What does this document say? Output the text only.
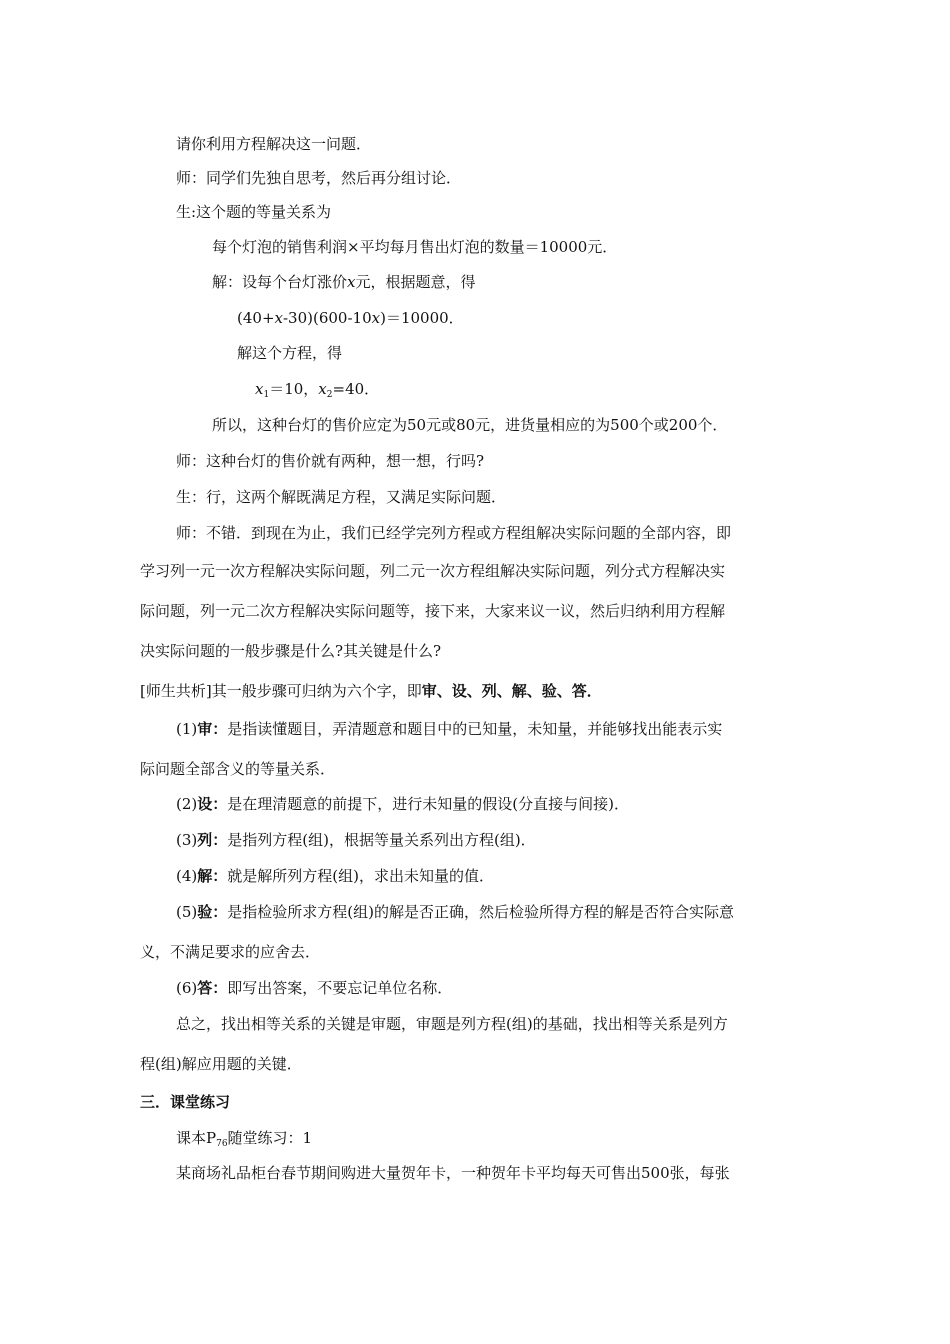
请你利用方程解决这一问题．
师：同学们先独自思考，然后再分组讨论．
生:这个题的等量关系为
每个灯泡的销售利润×平均每月售出灯泡的数量＝10000元．
解：设每个台灯涨价x元，根据题意，得
(40+x-30)(600-10x)＝10000．
解这个方程，得
$x_1=10$，$x_2=40$．
所以，这种台灯的售价应定为50元或80元，进货量相应的为500个或200个．
师：这种台灯的售价就有两种，想一想，行吗?
生：行，这两个解既满足方程，又满足实际问题．
师：不错．到现在为止，我们已经学完列方程或方程组解决实际问题的全部内容，即
学习列一元一次方程解决实际问题，列二元一次方程组解决实际问题，列分式方程解决实
际问题，列一元二次方程解决实际问题等，接下来，大家来议一议，然后归纳利用方程解
决实际问题的一般步骤是什么?其关键是什么?
[师生共析]其一般步骤可归纳为六个字，即审、设、列、解、验、答．
(1)审：是指读懂题目，弄清题意和题目中的已知量，未知量，并能够找出能表示实
际问题全部含义的等量关系．
(2)设：是在理清题意的前提下，进行未知量的假设(分直接与间接)．
(3)列：是指列方程(组)，根据等量关系列出方程(组)．
(4)解：就是解所列方程(组)，求出未知量的值．
(5)验：是指检验所求方程(组)的解是否正确，然后检验所得方程的解是否符合实际意
义，不满足要求的应舍去．
(6)答：即写出答案，不要忘记单位名称．
总之，找出相等关系的关键是审题，审题是列方程(组)的基础，找出相等关系是列方
程(组)解应用题的关键．
三．课堂练习
课本$P_{76}$随堂练习：1
某商场礼品柜台春节期间购进大量贺年卡，一种贺年卡平均每天可售出500张，每张
